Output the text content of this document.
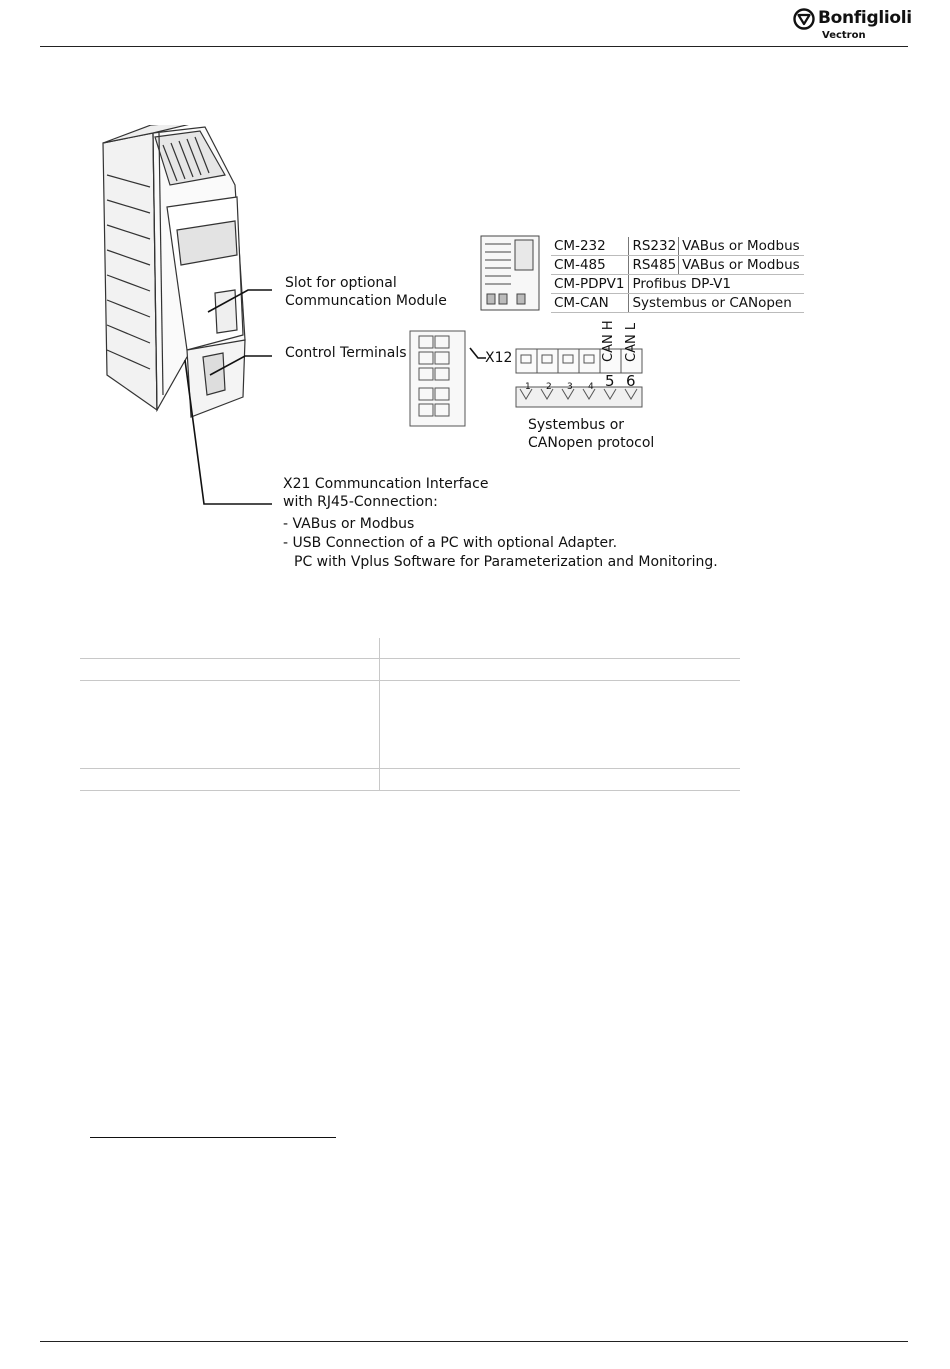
Bonfiglioli
Vectron
Slot for optional
Communcation Module
CM-232	RS232	VABus or Modbus
CM-485	RS485	VABus or Modbus
CM-PDPV1	Profibus DP-V1	
CM-CAN	Systembus or CANopen	
Control Terminals	X12
1 2 3 4
CAN H CAN L
5 6
Systembus or
CANopen protocol
X21 Communcation Interface
with RJ45-Connection:
- VABus or Modbus
- USB Connection of a PC with optional Adapter.
PC with Vplus Software for Parameterization and Monitoring.
